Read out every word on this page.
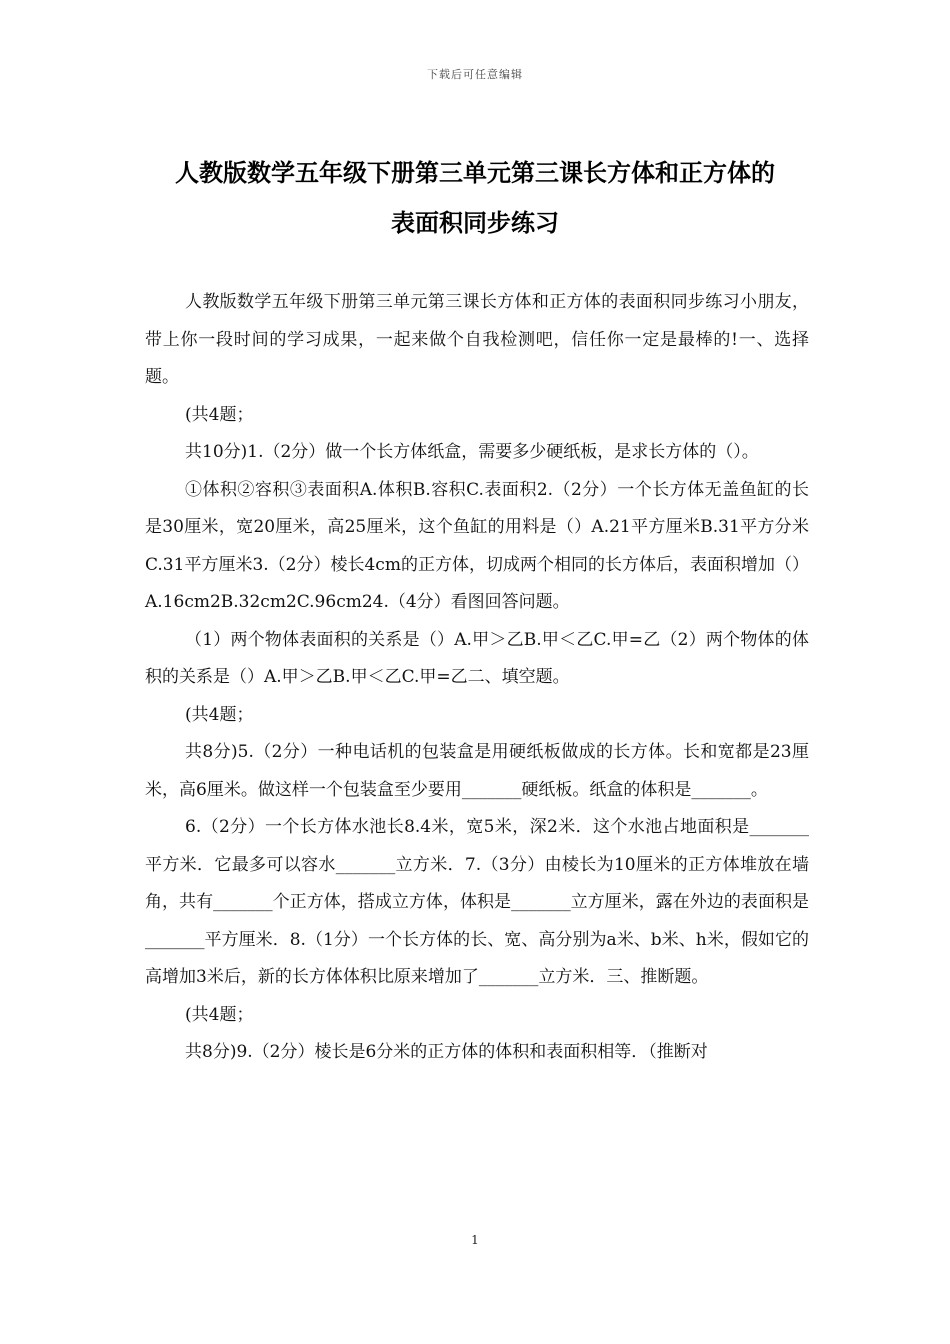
下载后可任意编辑
人教版数学五年级下册第三单元第三课长方体和正方体的
表面积同步练习

人教版数学五年级下册第三单元第三课长方体和正方体的表面积同步练习小朋友，带上你一段时间的学习成果，一起来做个自我检测吧，信任你一定是最棒的!一、选择题。

(共4题；

共10分)1.（2分）做一个长方体纸盒，需要多少硬纸板，是求长方体的（）。

①体积②容积③表面积A.体积B.容积C.表面积2.（2分）一个长方体无盖鱼缸的长是30厘米，宽20厘米，高25厘米，这个鱼缸的用料是（）A.21平方厘米B.31平方分米C.31平方厘米3.（2分）棱长4cm的正方体，切成两个相同的长方体后，表面积增加（）A.16cm2B.32cm2C.96cm24.（4分）看图回答问题。

（1）两个物体表面积的关系是（）A.甲＞乙B.甲＜乙C.甲=乙（2）两个物体的体积的关系是（）A.甲＞乙B.甲＜乙C.甲=乙二、填空题。

(共4题；

共8分)5.（2分）一种电话机的包装盒是用硬纸板做成的长方体。长和宽都是23厘米，高6厘米。做这样一个包装盒至少要用_______硬纸板。纸盒的体积是_______。

6.（2分）一个长方体水池长8.4米，宽5米，深2米．这个水池占地面积是_______平方米．它最多可以容水_______立方米．7.（3分）由棱长为10厘米的正方体堆放在墙角，共有_______个正方体，搭成立方体，体积是_______立方厘米，露在外边的表面积是_______平方厘米．8.（1分）一个长方体的长、宽、高分别为a米、b米、h米，假如它的高增加3米后，新的长方体体积比原来增加了_______立方米．三、推断题。

(共4题；

共8分)9.（2分）棱长是6分米的正方体的体积和表面积相等．（推断对

1
